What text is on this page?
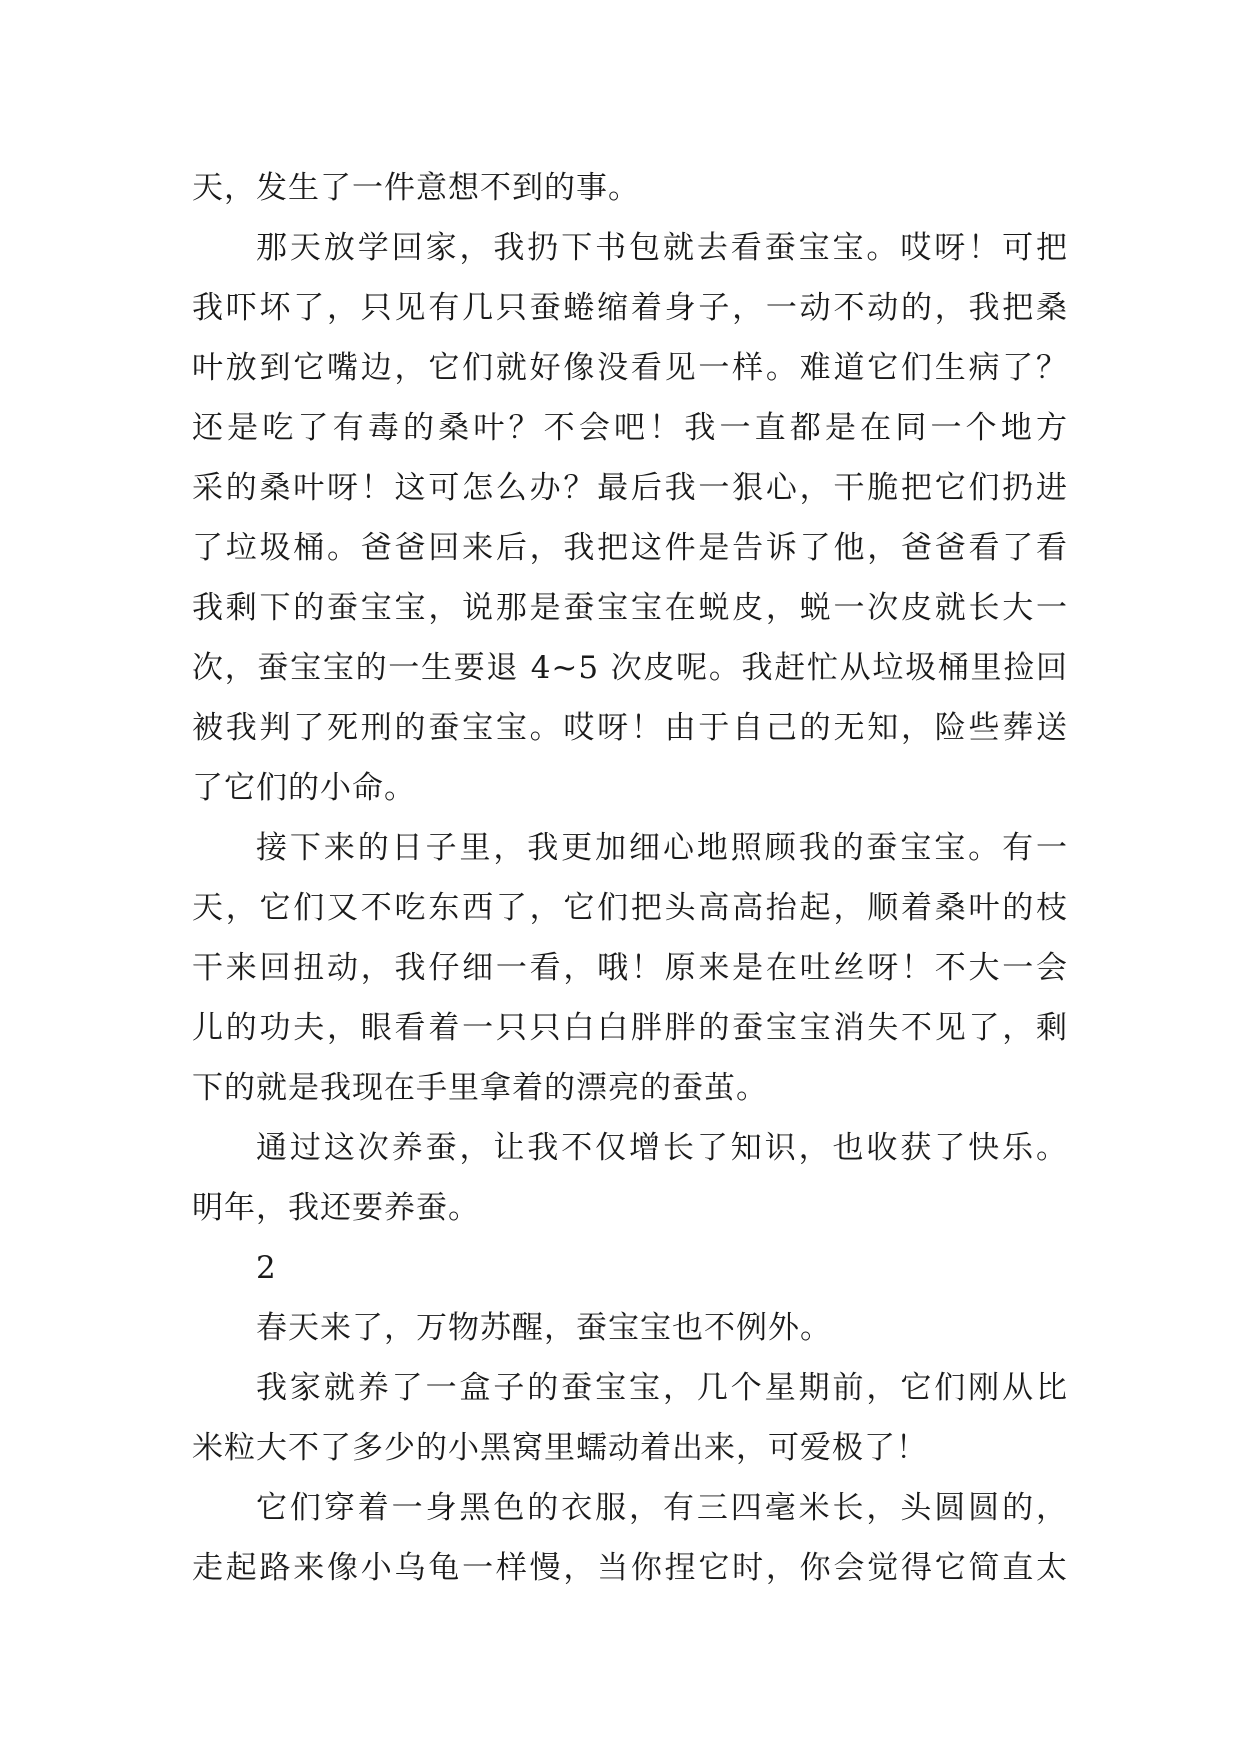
天，发生了一件意想不到的事。
那天放学回家，我扔下书包就去看蚕宝宝。哎呀！可把
我吓坏了，只见有几只蚕蜷缩着身子，一动不动的，我把桑
叶放到它嘴边，它们就好像没看见一样。难道它们生病了？
还是吃了有毒的桑叶？不会吧！我一直都是在同一个地方
采的桑叶呀！这可怎么办？最后我一狠心，干脆把它们扔进
了垃圾桶。爸爸回来后，我把这件是告诉了他，爸爸看了看
我剩下的蚕宝宝，说那是蚕宝宝在蜕皮，蜕一次皮就长大一
次，蚕宝宝的一生要退 4~5 次皮呢。我赶忙从垃圾桶里捡回
被我判了死刑的蚕宝宝。哎呀！由于自己的无知，险些葬送
了它们的小命。
接下来的日子里，我更加细心地照顾我的蚕宝宝。有一
天，它们又不吃东西了，它们把头高高抬起，顺着桑叶的枝
干来回扭动，我仔细一看，哦！原来是在吐丝呀！不大一会
儿的功夫，眼看着一只只白白胖胖的蚕宝宝消失不见了，剩
下的就是我现在手里拿着的漂亮的蚕茧。
通过这次养蚕，让我不仅增长了知识，也收获了快乐。
明年，我还要养蚕。
2
春天来了，万物苏醒，蚕宝宝也不例外。
我家就养了一盒子的蚕宝宝，几个星期前，它们刚从比
米粒大不了多少的小黑窝里蠕动着出来，可爱极了！
它们穿着一身黑色的衣服，有三四毫米长，头圆圆的，
走起路来像小乌龟一样慢，当你捏它时，你会觉得它简直太
